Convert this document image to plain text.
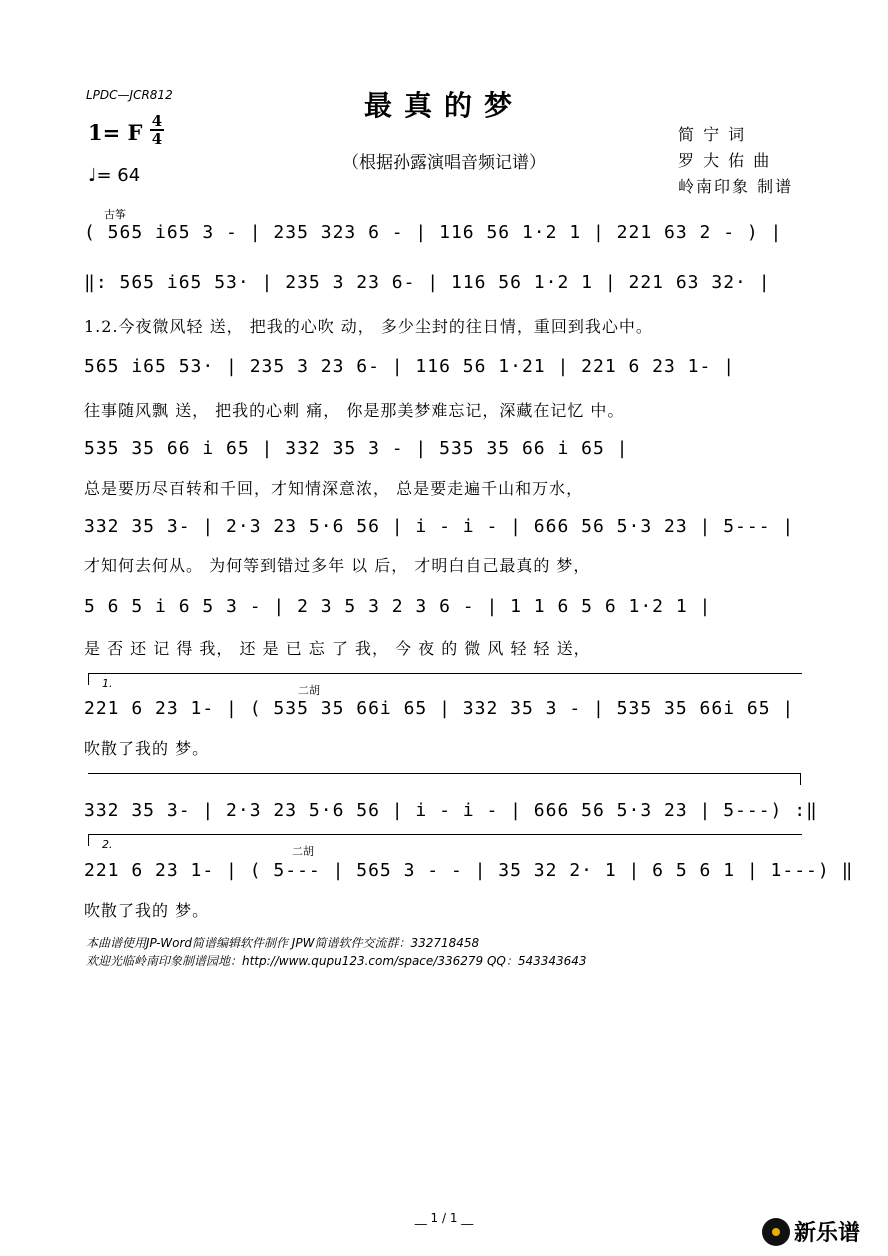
LPDC—JCR812	最真的梦
（根据孙露演唱音频记谱）
1= F 4
4
♩= 64
简 宁 词
罗 大 佑 曲
岭南印象 制谱
古筝
( 565 i65 3 - | 235 323 6 - | 116 56 1·2 1 | 221 63 2 - ) |
‖: 565 i65 53· | 235 3 23 6- | 116 56 1·2 1 | 221 63 32· |
1.2.今夜微风轻 送， 把我的心吹 动， 多少尘封的往日情，重回到我心中。
565 i65 53· | 235 3 23 6- | 116 56 1·21 | 221 6 23 1- |
往事随风飘 送， 把我的心刺 痛， 你是那美梦难忘记，深藏在记忆 中。
535 35 66 i 65 | 332 35 3 - | 535 35 66 i 65 |
总是要历尽百转和千回，才知情深意浓， 总是要走遍千山和万水，
332 35 3- | 2·3 23 5·6 56 | i - i - | 666 56 5·3 23 | 5--- |
才知何去何从。 为何等到错过多年 以 后， 才明白自己最真的 梦，
5 6 5 i 6 5 3 - | 2 3 5 3 2 3 6 - | 1 1 6 5 6 1·2 1 |
是 否 还 记 得 我， 还 是 已 忘 了 我， 今 夜 的 微 风 轻 轻 送，
1.
二胡
221 6 23 1- | ( 535 35 66i 65 | 332 35 3 - | 535 35 66i 65 |
吹散了我的 梦。
332 35 3- | 2·3 23 5·6 56 | i - i - | 666 56 5·3 23 | 5---) :‖
2.
二胡
221 6 23 1- | ( 5--- | 565 3 - - | 35 32 2· 1 | 6 5 6 1 | 1---) ‖
吹散了我的 梦。
本曲谱使用JP-Word简谱编辑软件制作 JPW简谱软件交流群：332718458
欢迎光临岭南印象制谱园地：http://www.qupu123.com/space/336279 QQ：543343643
__ 1 / 1 __
新乐谱
